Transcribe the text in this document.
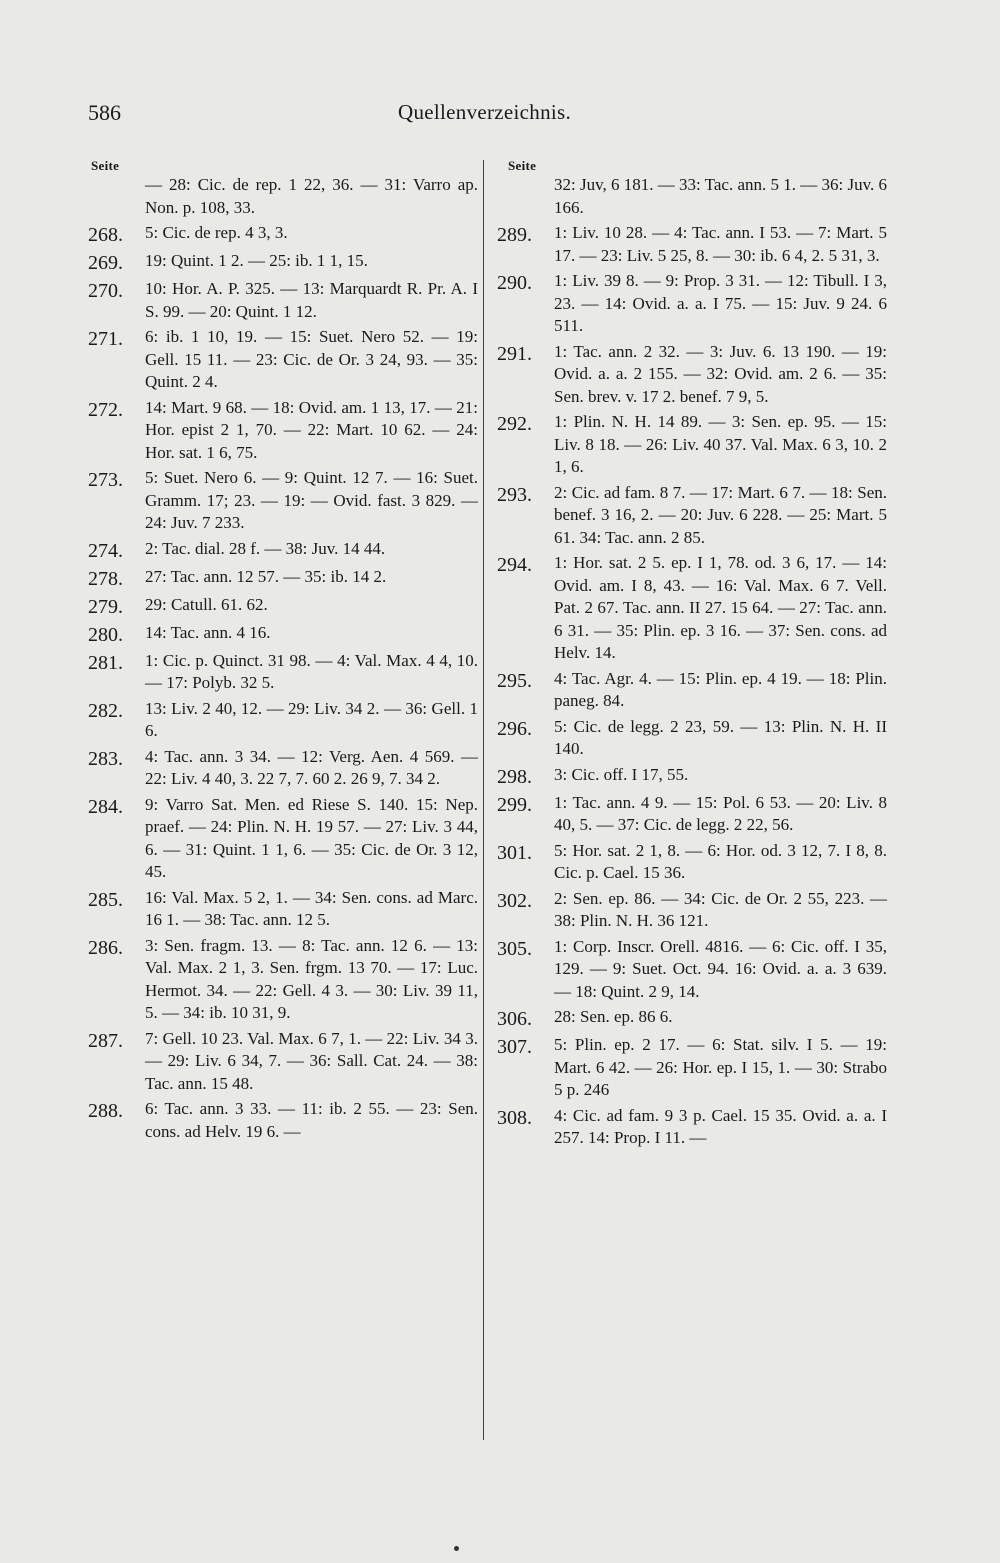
586	Quellenverzeichnis.
Seite	Seite
— 28: Cic. de rep. 1 22, 36. — 31: Varro ap. Non. p. 108, 33.
268.	5: Cic. de rep. 4 3, 3.
269.	19: Quint. 1 2. — 25: ib. 1 1, 15.
270.	10: Hor. A. P. 325. — 13: Marquardt R. Pr. A. I S. 99. — 20: Quint. 1 12.
271.	6: ib. 1 10, 19. — 15: Suet. Nero 52. — 19: Gell. 15 11. — 23: Cic. de Or. 3 24, 93. — 35: Quint. 2 4.
272.	14: Mart. 9 68. — 18: Ovid. am. 1 13, 17. — 21: Hor. epist 2 1, 70. — 22: Mart. 10 62. — 24: Hor. sat. 1 6, 75.
273.	5: Suet. Nero 6. — 9: Quint. 12 7. — 16: Suet. Gramm. 17; 23. — 19: — Ovid. fast. 3 829. — 24: Juv. 7 233.
274.	2: Tac. dial. 28 f. — 38: Juv. 14 44.
278.	27: Tac. ann. 12 57. — 35: ib. 14 2.
279.	29: Catull. 61. 62.
280.	14: Tac. ann. 4 16.
281.	1: Cic. p. Quinct. 31 98. — 4: Val. Max. 4 4, 10. — 17: Polyb. 32 5.
282.	13: Liv. 2 40, 12. — 29: Liv. 34 2. — 36: Gell. 1 6.
283.	4: Tac. ann. 3 34. — 12: Verg. Aen. 4 569. — 22: Liv. 4 40, 3. 22 7, 7. 60 2. 26 9, 7. 34 2.
284.	9: Varro Sat. Men. ed Riese S. 140. 15: Nep. praef. — 24: Plin. N. H. 19 57. — 27: Liv. 3 44, 6. — 31: Quint. 1 1, 6. — 35: Cic. de Or. 3 12, 45.
285.	16: Val. Max. 5 2, 1. — 34: Sen. cons. ad Marc. 16 1. — 38: Tac. ann. 12 5.
286.	3: Sen. fragm. 13. — 8: Tac. ann. 12 6. — 13: Val. Max. 2 1, 3. Sen. frgm. 13 70. — 17: Luc. Hermot. 34. — 22: Gell. 4 3. — 30: Liv. 39 11, 5. — 34: ib. 10 31, 9.
287.	7: Gell. 10 23. Val. Max. 6 7, 1. — 22: Liv. 34 3. — 29: Liv. 6 34, 7. — 36: Sall. Cat. 24. — 38: Tac. ann. 15 48.
288.	6: Tac. ann. 3 33. — 11: ib. 2 55. — 23: Sen. cons. ad Helv. 19 6. —
32: Juv, 6 181. — 33: Tac. ann. 5 1. — 36: Juv. 6 166.
289.	1: Liv. 10 28. — 4: Tac. ann. I 53. — 7: Mart. 5 17. — 23: Liv. 5 25, 8. — 30: ib. 6 4, 2. 5 31, 3.
290.	1: Liv. 39 8. — 9: Prop. 3 31. — 12: Tibull. I 3, 23. — 14: Ovid. a. a. I 75. — 15: Juv. 9 24. 6 511.
291.	1: Tac. ann. 2 32. — 3: Juv. 6. 13 190. — 19: Ovid. a. a. 2 155. — 32: Ovid. am. 2 6. — 35: Sen. brev. v. 17 2. benef. 7 9, 5.
292.	1: Plin. N. H. 14 89. — 3: Sen. ep. 95. — 15: Liv. 8 18. — 26: Liv. 40 37. Val. Max. 6 3, 10. 2 1, 6.
293.	2: Cic. ad fam. 8 7. — 17: Mart. 6 7. — 18: Sen. benef. 3 16, 2. — 20: Juv. 6 228. — 25: Mart. 5 61. 34: Tac. ann. 2 85.
294.	1: Hor. sat. 2 5. ep. I 1, 78. od. 3 6, 17. — 14: Ovid. am. I 8, 43. — 16: Val. Max. 6 7. Vell. Pat. 2 67. Tac. ann. II 27. 15 64. — 27: Tac. ann. 6 31. — 35: Plin. ep. 3 16. — 37: Sen. cons. ad Helv. 14.
295.	4: Tac. Agr. 4. — 15: Plin. ep. 4 19. — 18: Plin. paneg. 84.
296.	5: Cic. de legg. 2 23, 59. — 13: Plin. N. H. II 140.
298.	3: Cic. off. I 17, 55.
299.	1: Tac. ann. 4 9. — 15: Pol. 6 53. — 20: Liv. 8 40, 5. — 37: Cic. de legg. 2 22, 56.
301.	5: Hor. sat. 2 1, 8. — 6: Hor. od. 3 12, 7. I 8, 8. Cic. p. Cael. 15 36.
302.	2: Sen. ep. 86. — 34: Cic. de Or. 2 55, 223. — 38: Plin. N. H. 36 121.
305.	1: Corp. Inscr. Orell. 4816. — 6: Cic. off. I 35, 129. — 9: Suet. Oct. 94. 16: Ovid. a. a. 3 639. — 18: Quint. 2 9, 14.
306.	28: Sen. ep. 86 6.
307.	5: Plin. ep. 2 17. — 6: Stat. silv. I 5. — 19: Mart. 6 42. — 26: Hor. ep. I 15, 1. — 30: Strabo 5 p. 246
308.	4: Cic. ad fam. 9 3 p. Cael. 15 35. Ovid. a. a. I 257. 14: Prop. I 11. —
